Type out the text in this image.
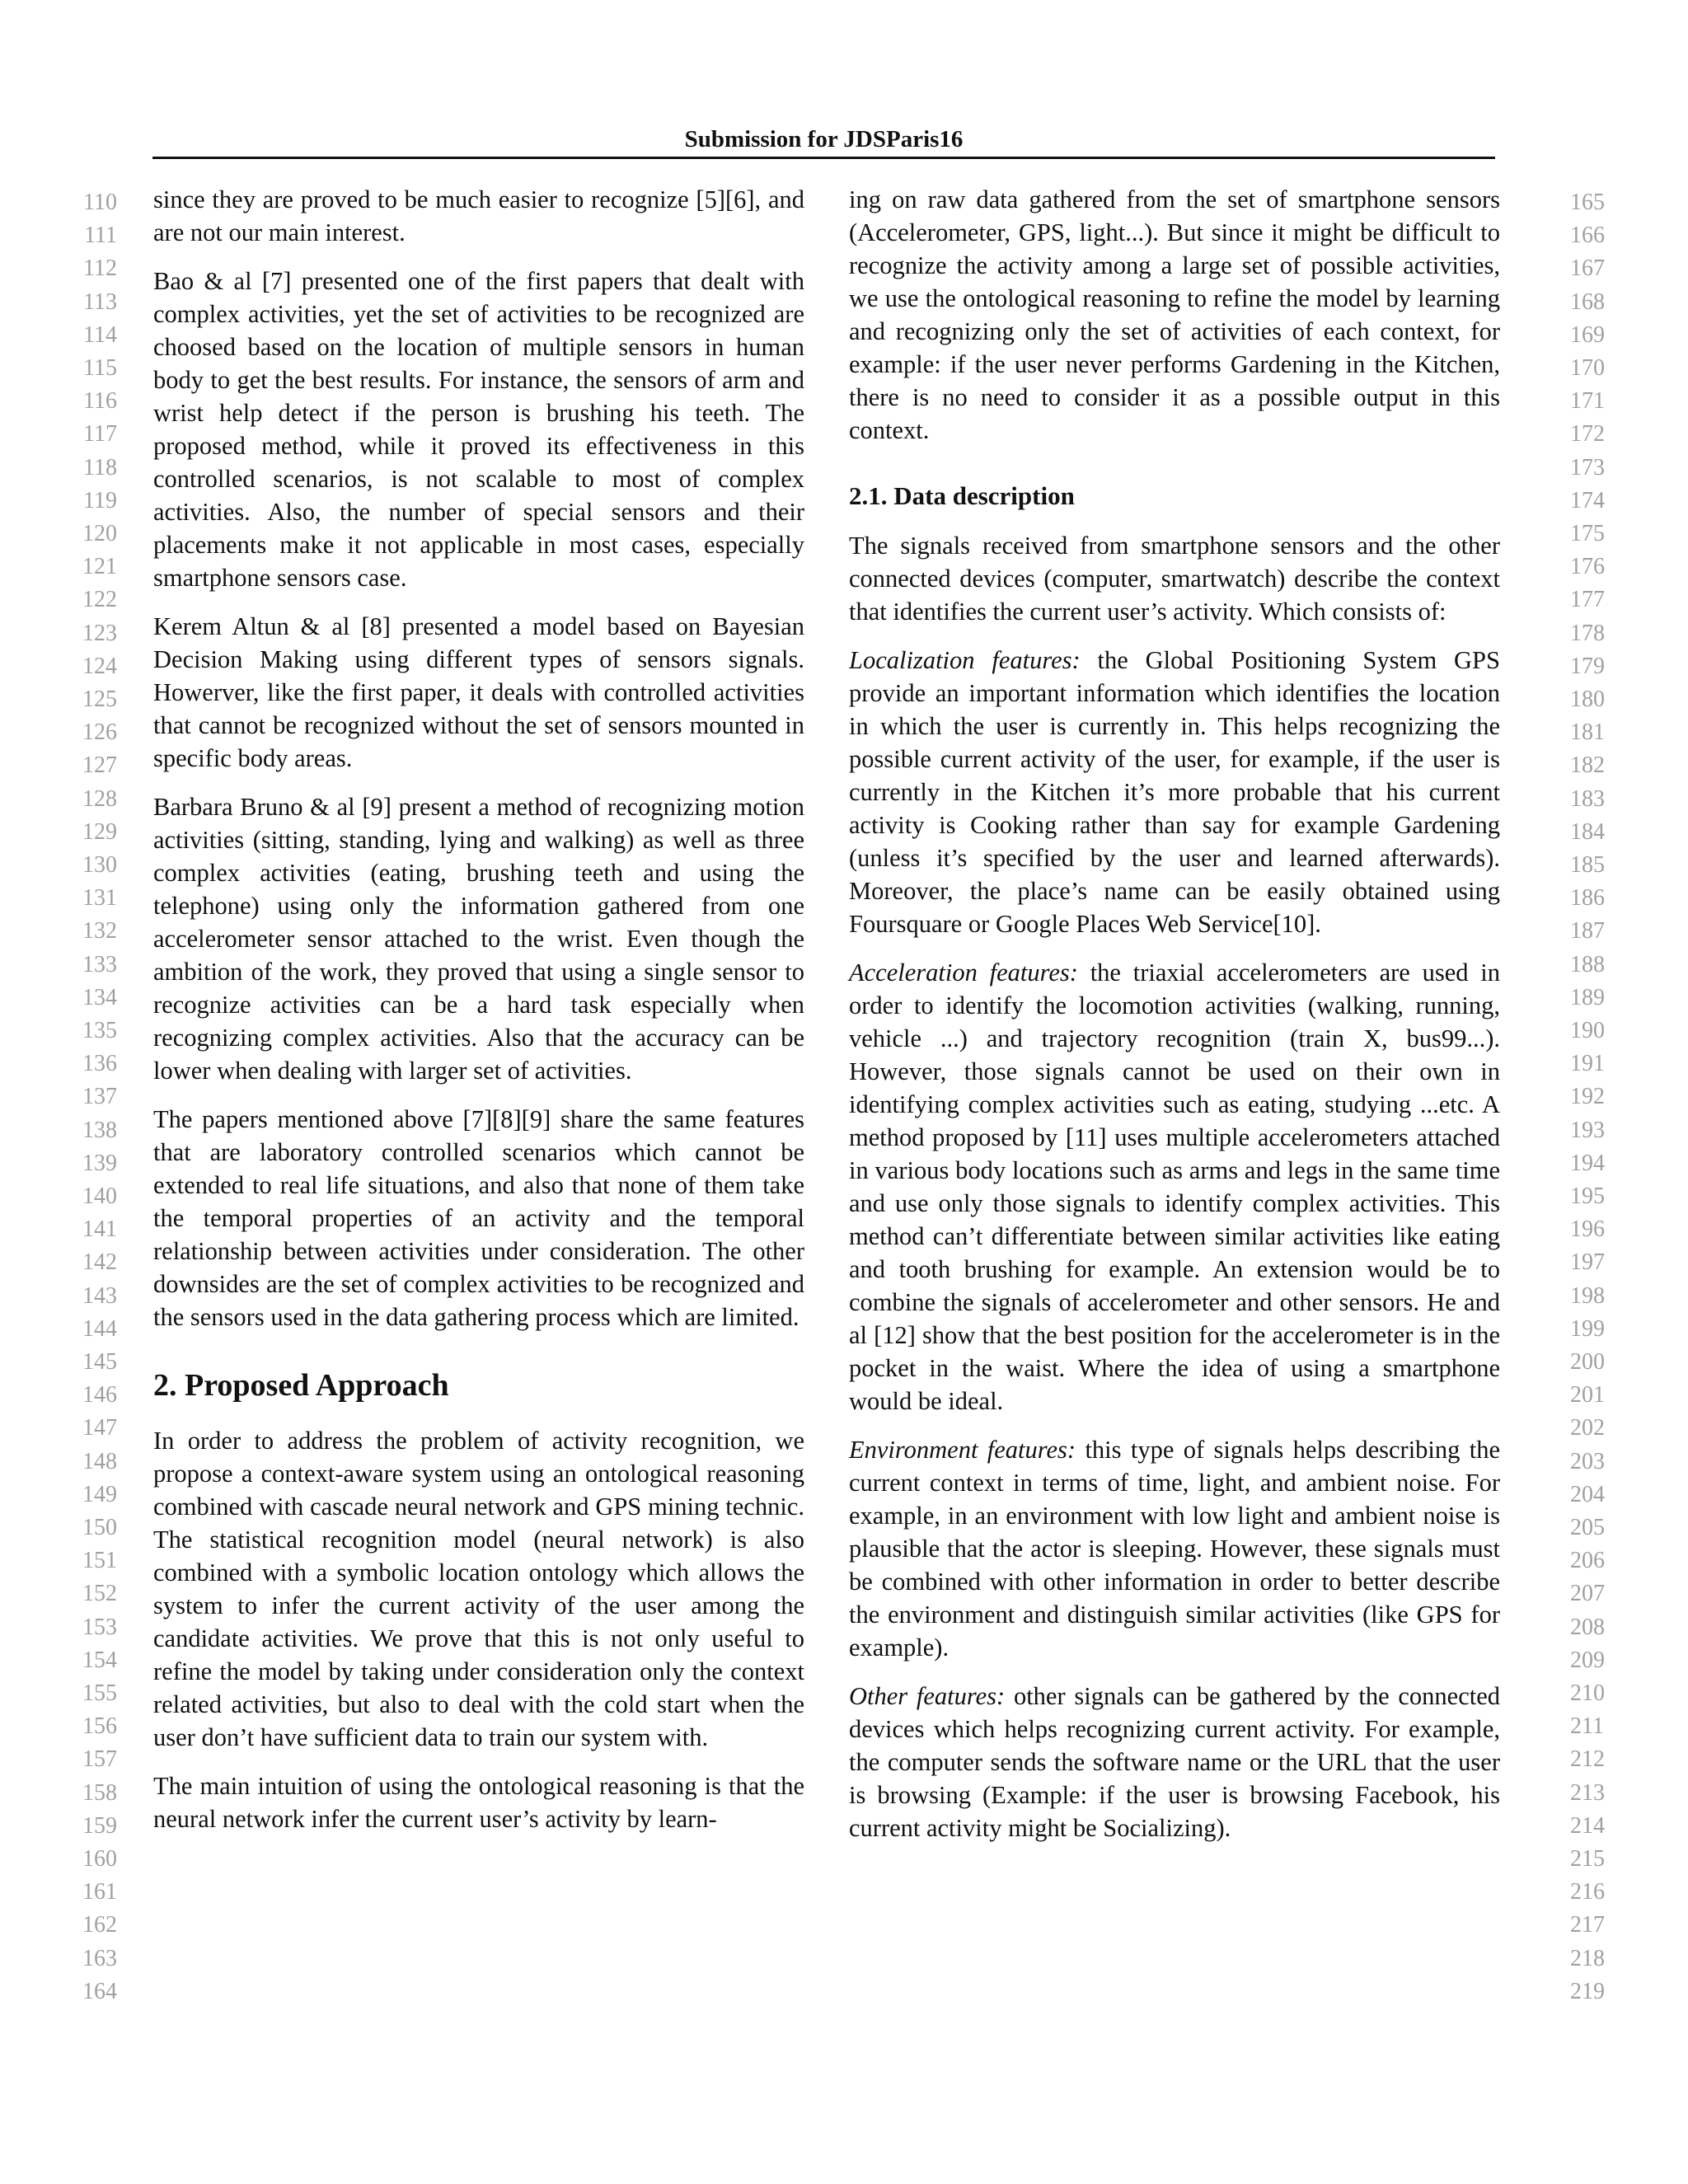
Submission for JDSParis16
110
111
112
113
114
115
116
117
118
119
120
121
122
123
124
125
126
127
128
129
130
131
132
133
134
135
136
137
138
139
140
141
142
143
144
145
146
147
148
149
150
151
152
153
154
155
156
157
158
159
160
161
162
163
164
165
166
167
168
169
170
171
172
173
174
175
176
177
178
179
180
181
182
183
184
185
186
187
188
189
190
191
192
193
194
195
196
197
198
199
200
201
202
203
204
205
206
207
208
209
210
211
212
213
214
215
216
217
218
219

since they are proved to be much easier to recognize [5][6], and are not our main interest.

Bao & al [7] presented one of the first papers that dealt with complex activities, yet the set of activities to be recognized are choosed based on the location of multiple sensors in human body to get the best results. For instance, the sensors of arm and wrist help detect if the person is brushing his teeth. The proposed method, while it proved its effectiveness in this controlled scenarios, is not scalable to most of complex activities. Also, the number of special sensors and their placements make it not applicable in most cases, especially smartphone sensors case.

Kerem Altun & al [8] presented a model based on Bayesian Decision Making using different types of sensors signals. Howerver, like the first paper, it deals with controlled activities that cannot be recognized without the set of sensors mounted in specific body areas.

Barbara Bruno & al [9] present a method of recognizing motion activities (sitting, standing, lying and walking) as well as three complex activities (eating, brushing teeth and using the telephone) using only the information gathered from one accelerometer sensor attached to the wrist. Even though the ambition of the work, they proved that using a single sensor to recognize activities can be a hard task especially when recognizing complex activities. Also that the accuracy can be lower when dealing with larger set of activities.

The papers mentioned above [7][8][9] share the same features that are laboratory controlled scenarios which cannot be extended to real life situations, and also that none of them take the temporal properties of an activity and the temporal relationship between activities under consideration. The other downsides are the set of complex activities to be recognized and the sensors used in the data gathering process which are limited.

2. Proposed Approach

In order to address the problem of activity recognition, we propose a context-aware system using an ontological reasoning combined with cascade neural network and GPS mining technic. The statistical recognition model (neural network) is also combined with a symbolic location ontology which allows the system to infer the current activity of the user among the candidate activities. We prove that this is not only useful to refine the model by taking under consideration only the context related activities, but also to deal with the cold start when the user don’t have sufficient data to train our system with.

The main intuition of using the ontological reasoning is that the neural network infer the current user’s activity by learn-

ing on raw data gathered from the set of smartphone sensors (Accelerometer, GPS, light...). But since it might be difficult to recognize the activity among a large set of possible activities, we use the ontological reasoning to refine the model by learning and recognizing only the set of activities of each context, for example: if the user never performs Gardening in the Kitchen, there is no need to consider it as a possible output in this context.

2.1. Data description

The signals received from smartphone sensors and the other connected devices (computer, smartwatch) describe the context that identifies the current user’s activity. Which consists of:

Localization features: the Global Positioning System GPS provide an important information which identifies the location in which the user is currently in. This helps recognizing the possible current activity of the user, for example, if the user is currently in the Kitchen it’s more probable that his current activity is Cooking rather than say for example Gardening (unless it’s specified by the user and learned afterwards). Moreover, the place’s name can be easily obtained using Foursquare or Google Places Web Service[10].

Acceleration features: the triaxial accelerometers are used in order to identify the locomotion activities (walking, running, vehicle ...) and trajectory recognition (train X, bus99...). However, those signals cannot be used on their own in identifying complex activities such as eating, studying ...etc. A method proposed by [11] uses multiple accelerometers attached in various body locations such as arms and legs in the same time and use only those signals to identify complex activities. This method can’t differentiate between similar activities like eating and tooth brushing for example. An extension would be to combine the signals of accelerometer and other sensors. He and al [12] show that the best position for the accelerometer is in the pocket in the waist. Where the idea of using a smartphone would be ideal.

Environment features: this type of signals helps describing the current context in terms of time, light, and ambient noise. For example, in an environment with low light and ambient noise is plausible that the actor is sleeping. However, these signals must be combined with other information in order to better describe the environment and distinguish similar activities (like GPS for example).

Other features: other signals can be gathered by the connected devices which helps recognizing current activity. For example, the computer sends the software name or the URL that the user is browsing (Example: if the user is browsing Facebook, his current activity might be Socializing).
